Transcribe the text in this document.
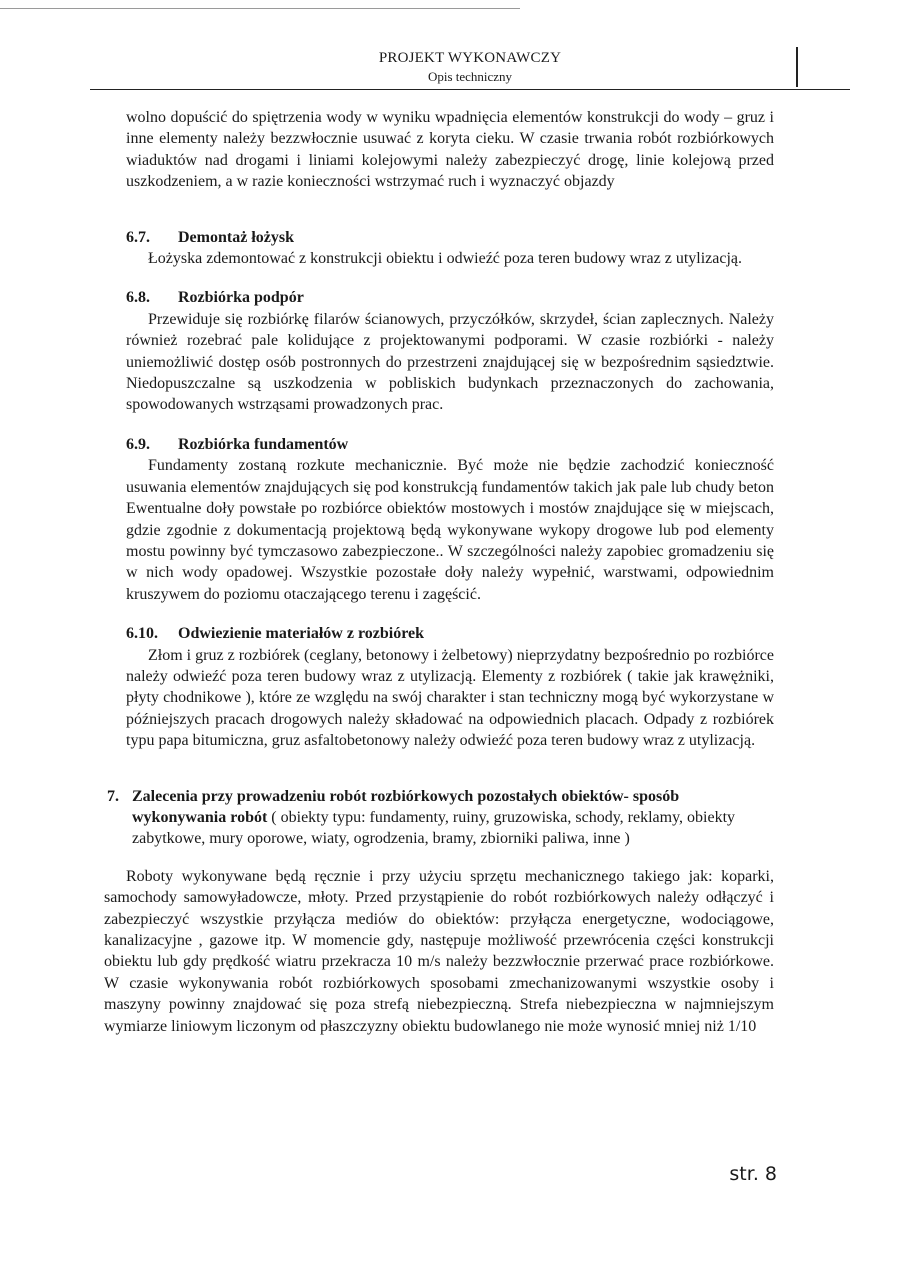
PROJEKT WYKONAWCZY
Opis techniczny

wolno dopuścić do spiętrzenia wody w wyniku wpadnięcia elementów konstrukcji do wody – gruz i inne elementy należy bezzwłocznie usuwać z koryta cieku. W czasie trwania robót rozbiórkowych wiaduktów nad drogami i liniami kolejowymi należy zabezpieczyć drogę, linie kolejową przed uszkodzeniem, a w razie konieczności wstrzymać ruch i wyznaczyć objazdy

6.7. Demontaż łożysk

Łożyska zdemontować z konstrukcji obiektu i odwieźć poza teren budowy wraz z utylizacją.

6.8. Rozbiórka podpór

Przewiduje się rozbiórkę filarów ścianowych, przyczółków, skrzydeł, ścian zaplecznych. Należy również rozebrać pale kolidujące z projektowanymi podporami. W czasie rozbiórki - należy uniemożliwić dostęp osób postronnych do przestrzeni znajdującej się w bezpośrednim sąsiedztwie. Niedopuszczalne są uszkodzenia w pobliskich budynkach przeznaczonych do zachowania, spowodowanych wstrząsami prowadzonych prac.

6.9. Rozbiórka fundamentów

Fundamenty zostaną rozkute mechanicznie. Być może nie będzie zachodzić konieczność usuwania elementów znajdujących się pod konstrukcją fundamentów takich jak pale lub chudy beton Ewentualne doły powstałe po rozbiórce obiektów mostowych i mostów znajdujące się w miejscach, gdzie zgodnie z dokumentacją projektową będą wykonywane wykopy drogowe lub pod elementy mostu powinny być tymczasowo zabezpieczone.. W szczególności należy zapobiec gromadzeniu się w nich wody opadowej. Wszystkie pozostałe doły należy wypełnić, warstwami, odpowiednim kruszywem do poziomu otaczającego terenu i zagęścić.

6.10. Odwiezienie materiałów z rozbiórek

Złom i gruz z rozbiórek (ceglany, betonowy i żelbetowy) nieprzydatny bezpośrednio po rozbiórce należy odwieźć poza teren budowy wraz z utylizacją. Elementy z rozbiórek ( takie jak krawężniki, płyty chodnikowe ), które ze względu na swój charakter i stan techniczny mogą być wykorzystane w późniejszych pracach drogowych należy składować na odpowiednich placach. Odpady z rozbiórek typu papa bitumiczna, gruz asfaltobetonowy należy odwieźć poza teren budowy wraz z utylizacją.

7. Zalecenia przy prowadzeniu robót rozbiórkowych pozostałych obiektów- sposób wykonywania robót ( obiekty typu: fundamenty, ruiny, gruzowiska, schody, reklamy, obiekty zabytkowe, mury oporowe, wiaty, ogrodzenia, bramy, zbiorniki paliwa, inne )

Roboty wykonywane będą ręcznie i przy użyciu sprzętu mechanicznego takiego jak: koparki, samochody samowyładowcze, młoty. Przed przystąpienie do robót rozbiórkowych należy odłączyć i zabezpieczyć wszystkie przyłącza mediów do obiektów: przyłącza energetyczne, wodociągowe, kanalizacyjne , gazowe itp. W momencie gdy, następuje możliwość przewrócenia części konstrukcji obiektu lub gdy prędkość wiatru przekracza 10 m/s należy bezzwłocznie przerwać prace rozbiórkowe. W czasie wykonywania robót rozbiórkowych sposobami zmechanizowanymi wszystkie osoby i maszyny powinny znajdować się poza strefą niebezpieczną. Strefa niebezpieczna w najmniejszym wymiarze liniowym liczonym od płaszczyzny obiektu budowlanego nie może wynosić mniej niż 1/10

str. 8
